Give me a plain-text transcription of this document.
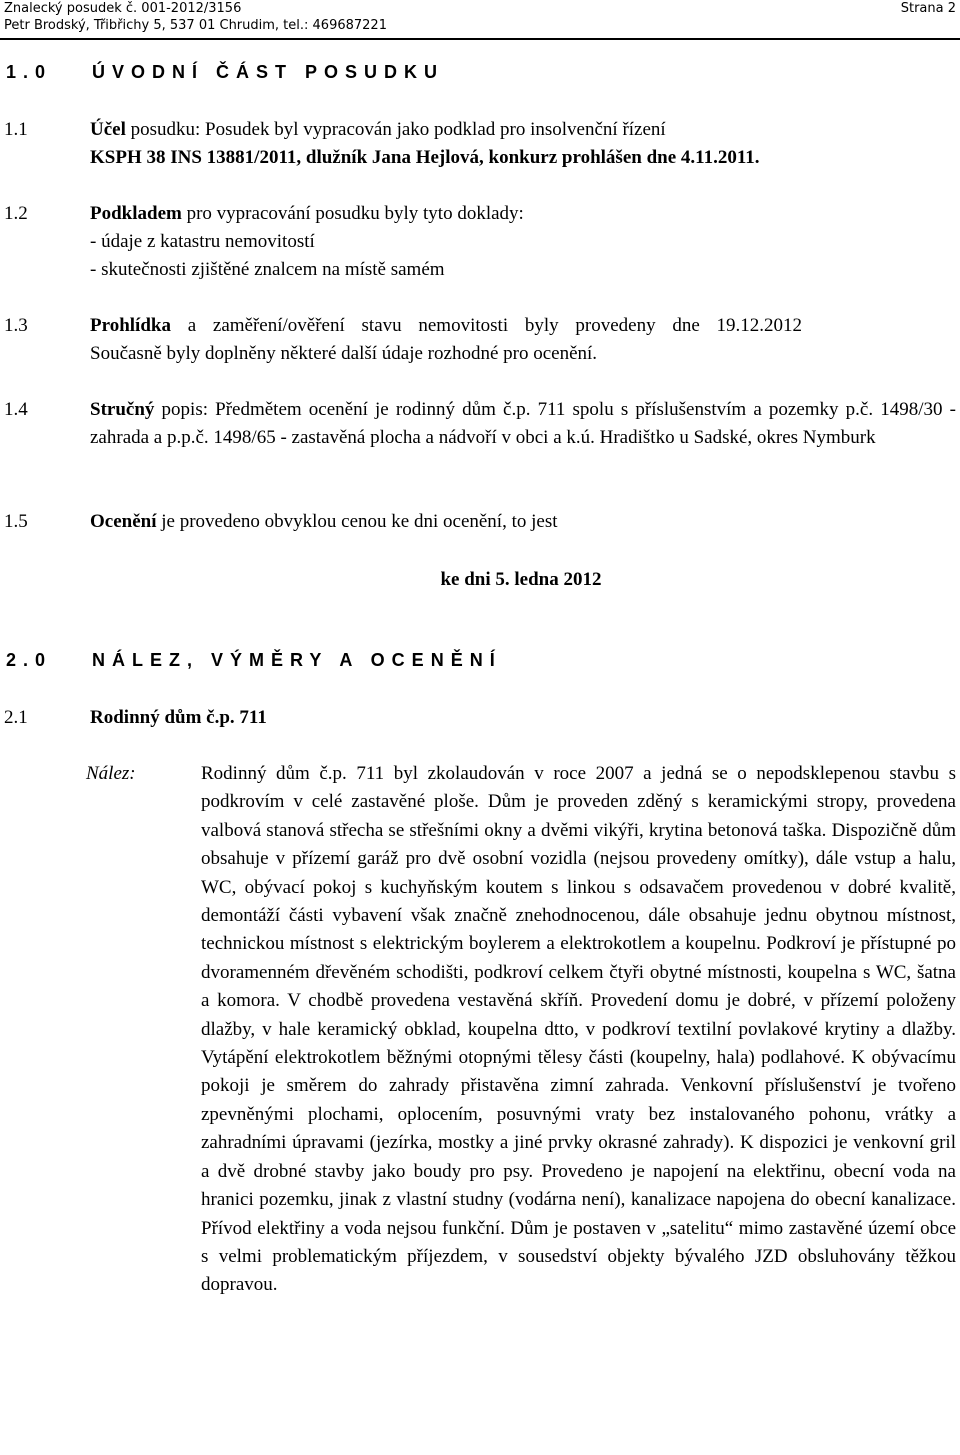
Znalecký posudek č. 001-2012/3156	Strana 2
Petr Brodský, Třibřichy 5, 537 01 Chrudim, tel.: 469687221
1.0 ÚVODNÍ ČÁST POSUDKU
1.1	Účel posudku: Posudek byl vypracován jako podklad pro insolvenční řízení
KSPH 38 INS 13881/2011, dlužník Jana Hejlová, konkurz prohlášen dne 4.11.2011.
1.2	Podkladem pro vypracování posudku byly tyto doklady:
- údaje z katastru nemovitostí
- skutečnosti zjištěné znalcem na místě samém
1.3	Prohlídka a zaměření/ověření stavu nemovitosti byly provedeny dne 19.12.2012
Současně byly doplněny některé další údaje rozhodné pro ocenění.
1.4	Stručný popis: Předmětem ocenění je rodinný dům č.p. 711 spolu s příslušenstvím a pozemky p.č. 1498/30 - zahrada a p.p.č. 1498/65 - zastavěná plocha a nádvoří v obci a k.ú. Hradištko u Sadské, okres Nymburk
1.5	Ocenění je provedeno obvyklou cenou ke dni ocenění, to jest
ke dni 5. ledna 2012
2.0 NÁLEZ, VÝMĚRY A OCENĚNÍ
2.1	Rodinný dům č.p. 711
Nález:	Rodinný dům č.p. 711 byl zkolaudován v roce 2007 a jedná se o nepodsklepenou stavbu s podkrovím v celé zastavěné ploše. Dům je proveden zděný s keramickými stropy, provedena valbová stanová střecha se střešními okny a dvěmi vikýři, krytina betonová taška. Dispozičně dům obsahuje v přízemí garáž pro dvě osobní vozidla (nejsou provedeny omítky), dále vstup a halu, WC, obývací pokoj s kuchyňským koutem s linkou s odsavačem provedenou v dobré kvalitě, demontáží části vybavení však značně znehodnocenou, dále obsahuje jednu obytnou místnost, technickou místnost s elektrickým boylerem a elektrokotlem a koupelnu. Podkroví je přístupné po dvoramenném dřevěném schodišti, podkroví celkem čtyři obytné místnosti, koupelna s WC, šatna a komora. V chodbě provedena vestavěná skříň. Provedení domu je dobré, v přízemí položeny dlažby, v hale keramický obklad, koupelna dtto, v podkroví textilní povlakové krytiny a dlažby. Vytápění elektrokotlem běžnými otopnými tělesy části (koupelny, hala) podlahové. K obývacímu pokoji je směrem do zahrady přistavěna zimní zahrada. Venkovní příslušenství je tvořeno zpevněnými plochami, oplocením, posuvnými vraty bez instalovaného pohonu, vrátky a zahradními úpravami (jezírka, mostky a jiné prvky okrasné zahrady). K dispozici je venkovní gril a dvě drobné stavby jako boudy pro psy. Provedeno je napojení na elektřinu, obecní voda na hranici pozemku, jinak z vlastní studny (vodárna není), kanalizace napojena do obecní kanalizace. Přívod elektřiny a voda nejsou funkční. Dům je postaven v „satelitu“ mimo zastavěné území obce s velmi problematickým příjezdem, v sousedství objekty bývalého JZD obsluhovány těžkou dopravou.
